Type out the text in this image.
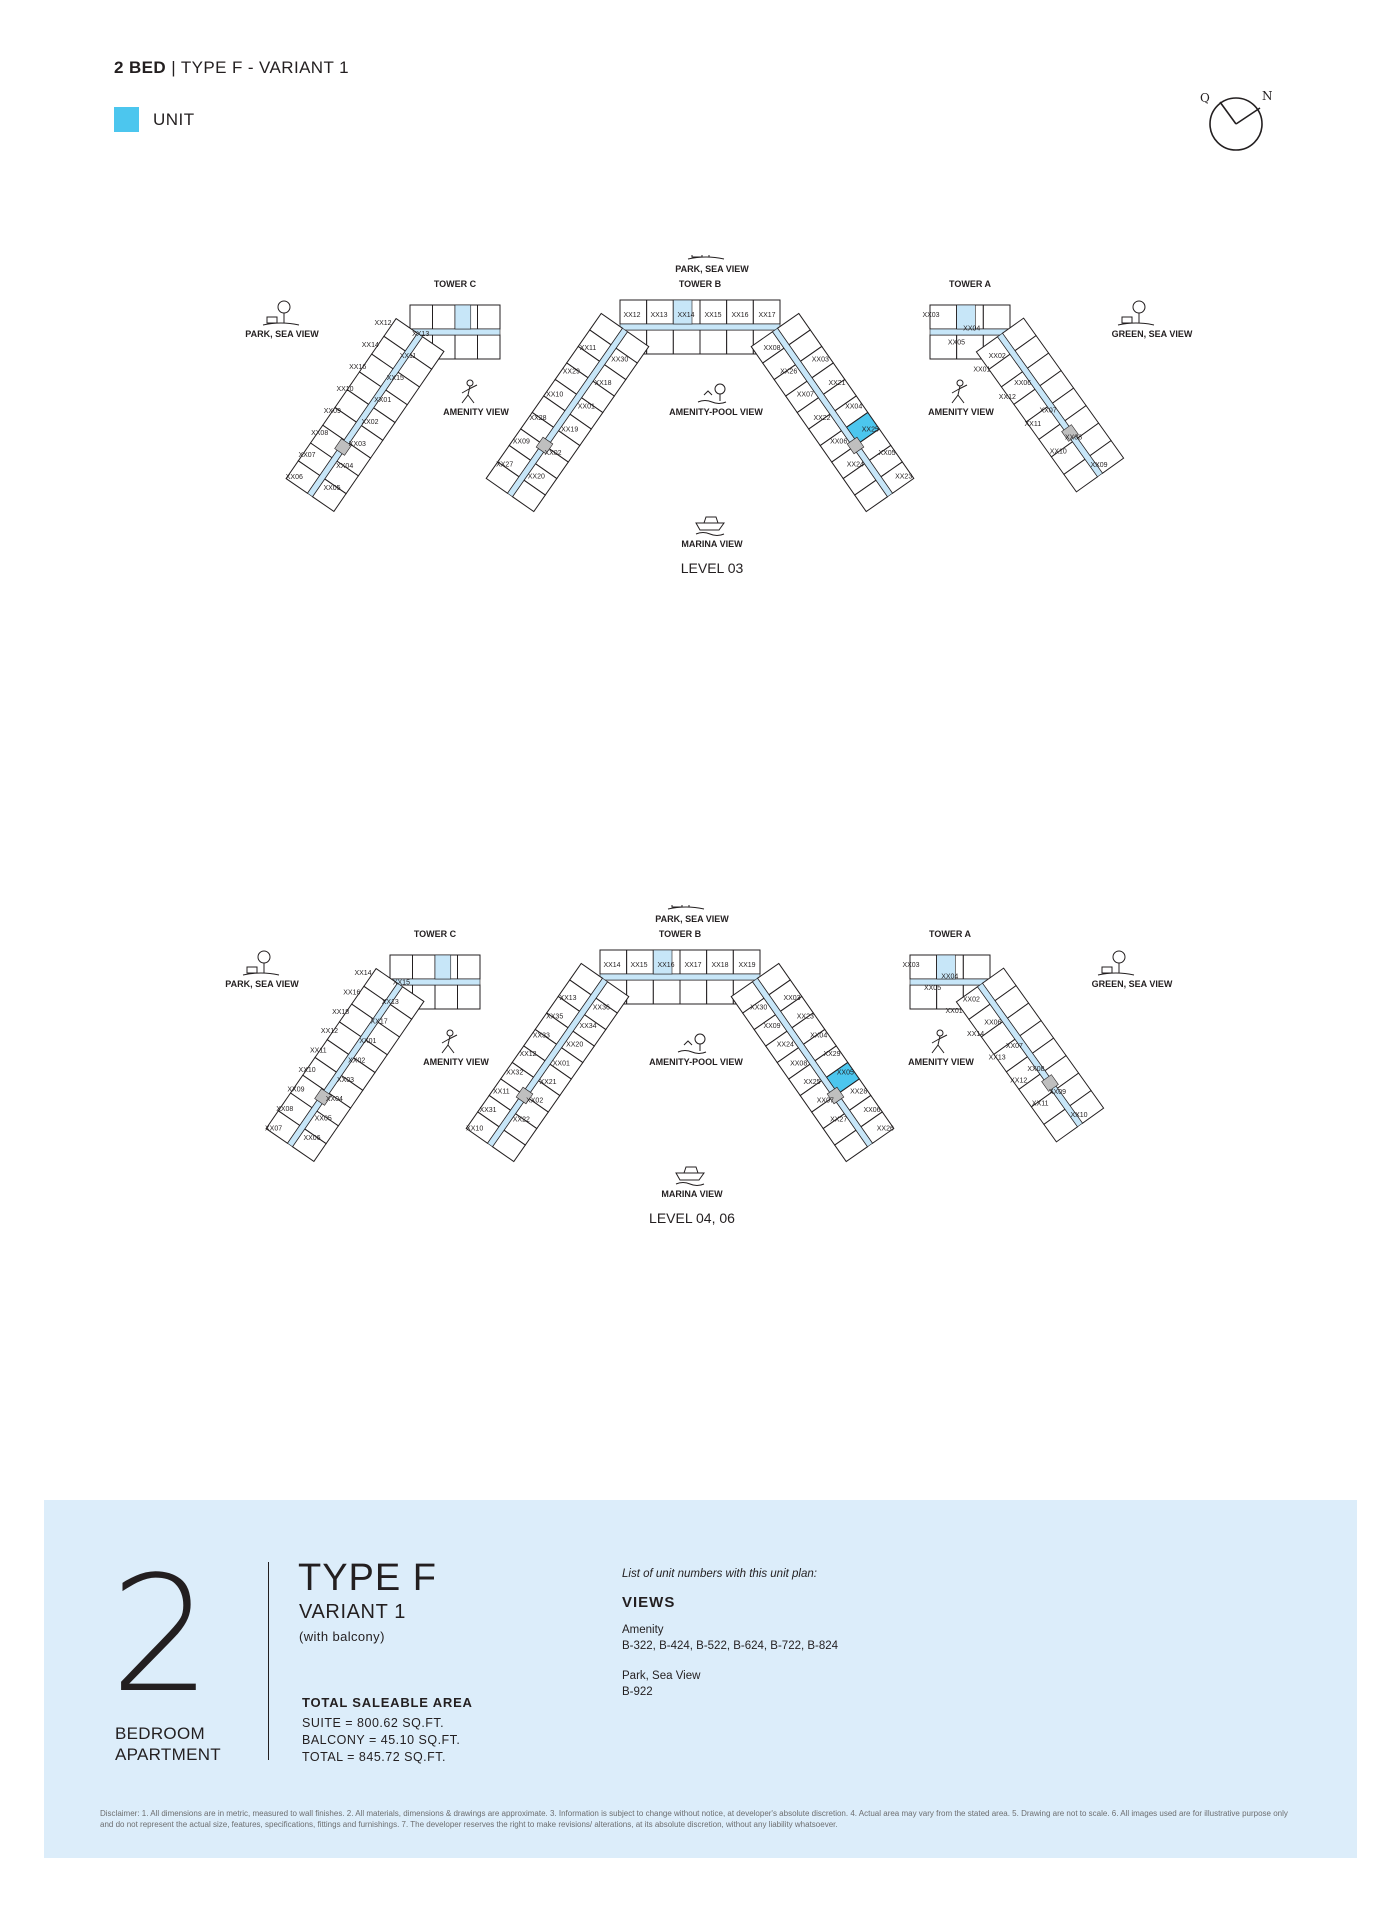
2 BED | TYPE F - VARIANT 1
UNIT
Q	N
TOWER C	TOWER B	TOWER A
XX12
XX13
XX14
XX11
XX16
XX15
XX10
XX01
XX09
XX02
XX08
XX03
XX07
XX04
XX06
XX05
XX12 XX13 XX14 XX15 XX16 XX17
XX11
XX30
XX29
XX18
XX10
XX01
XX28
XX19
XX09
XX02
XX27
XX20
XX08
XX03
XX26
XX21
XX07
XX04
XX22
XX25
XX06
XX05
XX24
XX23
XX03
XX04
XX05
XX02
XX01
XX06
XX12
XX07
XX11
XX08
XX10
XX09
PARK, SEA VIEW
PARK, SEA VIEW	GREEN, SEA VIEW
AMENITY VIEW	AMENITY VIEW
AMENITY-POOL VIEW
MARINA VIEW
LEVEL 03
TOWER C	TOWER B	TOWER A
XX14
XX15
XX16
XX13
XX18
XX17
XX12
XX01
XX11
XX02
XX10
XX03
XX09
XX04
XX08
XX05
XX07
XX06
XX14 XX15 XX16 XX17 XX18 XX19
XX13
XX36
XX35
XX34
XX33
XX20
XX12
XX01
XX32
XX21
XX11
XX02
XX31
XX22
XX10
XX03
XX30
XX23
XX09
XX04
XX24
XX29
XX08
XX05
XX25
XX28
XX07
XX06
XX27
XX26
XX03
XX04
XX05
XX02
XX01
XX06
XX14
XX07
XX13
XX08
XX12
XX09
XX11
XX10
PARK, SEA VIEW
PARK, SEA VIEW	GREEN, SEA VIEW
AMENITY VIEW	AMENITY VIEW
AMENITY-POOL VIEW
MARINA VIEW
LEVEL 04, 06
2
BEDROOM
APARTMENT
TYPE F
VARIANT 1
(with balcony)
TOTAL SALEABLE AREA
SUITE = 800.62 SQ.FT.
BALCONY = 45.10 SQ.FT.
TOTAL = 845.72 SQ.FT.
List of unit numbers with this unit plan:
VIEWS
Amenity
B-322, B-424, B-522, B-624, B-722, B-824
Park, Sea View
B-922
Disclaimer: 1. All dimensions are in metric, measured to wall finishes. 2. All materials, dimensions & drawings are approximate. 3. Information is subject to change without notice, at developer's absolute discretion. 4. Actual area may vary from the stated area. 5. Drawing are not to scale. 6. All images used are for illustrative purpose only and do not represent the actual size, features, specifications, fittings and furnishings. 7. The developer reserves the right to make revisions/ alterations, at its absolute discretion, without any liability whatsoever.
